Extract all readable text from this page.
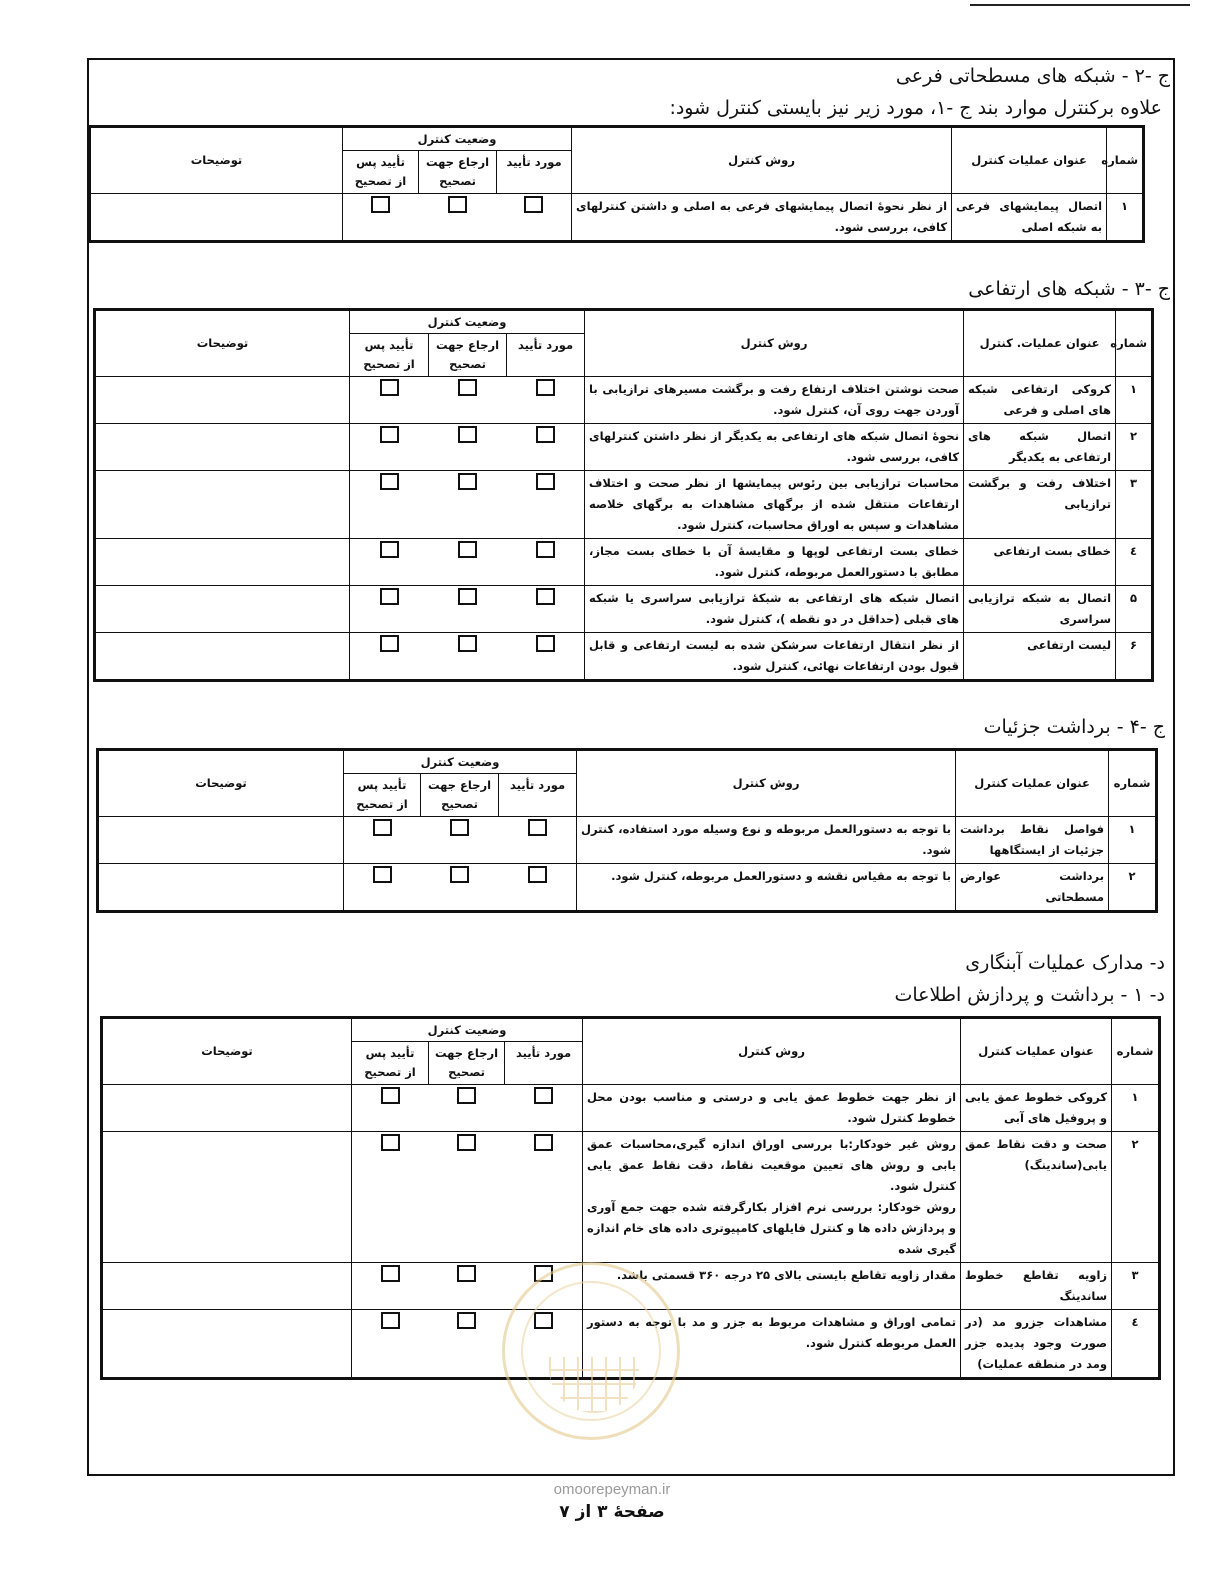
ج -۲ - شبکه های مسطحاتی فرعی
علاوه برکنترل موارد بند ج -۱، مورد زیر نیز بایستی کنترل شود:
شماره	عنوان عملیات کنترل	روش کنترل	وضعیت کنترل			توضیحات
			مورد تأیید	ارجاع جهت
تصحیح	تأیید پس
از تصحیح	
۱	اتصال پیمایشهای فرعی به شبکه اصلی	از نظر نحوهٔ اتصال پیمایشهای فرعی به اصلی و داشتن کنترلهای کافی، بررسی شود.				

ج -۳ - شبکه های ارتفاعی
شماره	عنوان عملیات. کنترل	روش کنترل	وضعیت کنترل			توضیحات
			مورد تأیید	ارجاع جهت
تصحیح	تأیید پس
از تصحیح	
۱	کروکی ارتفاعی شبکه های اصلی و فرعی	صحت نوشتن اختلاف ارتفاع رفت و برگشت مسیرهای ترازیابی با آوردن جهت روی آن، کنترل شود.				

۲	اتصال شبکه های ارتفاعی به یکدیگر	نحوهٔ اتصال شبکه های ارتفاعی به یکدیگر از نظر داشتن کنترلهای کافی، بررسی شود.				

۳	اختلاف رفت و برگشت ترازیابی	محاسبات ترازیابی بین رئوس پیمایشها از نظر صحت و اختلاف ارتفاعات منتقل شده از برگهای مشاهدات به برگهای خلاصه مشاهدات و سپس به اوراق محاسبات، کنترل شود.				

٤	خطای بست ارتفاعی	خطای بست ارتفاعی لوپها و مقایسهٔ آن با خطای بست مجاز، مطابق با دستورالعمل مربوطه، کنترل شود.				

۵	اتصال به شبکه ترازیابی سراسری	اتصال شبکه های ارتفاعی به شبکهٔ ترازیابی سراسری یا شبکه های قبلی (حداقل در دو نقطه )، کنترل شود.				

۶	لیست ارتفاعی	از نظر انتقال ارتفاعات سرشکن شده به لیست ارتفاعی و قابل قبول بودن ارتفاعات نهائی، کنترل شود.				

ج -۴ - برداشت جزئیات
شماره	عنوان عملیات کنترل	روش کنترل	وضعیت کنترل			توضیحات
			مورد تأیید	ارجاع جهت
تصحیح	تأیید پس
از تصحیح	
۱	فواصل نقاط برداشت جزئیات از ایستگاهها	با توجه به دستورالعمل مربوطه و نوع وسیله مورد استفاده، کنترل شود.				

۲	برداشت عوارض مسطحاتی	با توجه به مقیاس نقشه و دستورالعمل مربوطه، کنترل شود.				

د- مدارک عملیات آبنگاری
د- ۱ - برداشت و پردازش اطلاعات
شماره	عنوان عملیات کنترل	روش کنترل	وضعیت کنترل			توضیحات
			مورد تأیید	ارجاع جهت
تصحیح	تأیید پس
از تصحیح	
۱	کروکی خطوط عمق یابی و پروفیل های آبی	از نظر جهت خطوط عمق یابی و درستی و مناسب بودن محل خطوط کنترل شود.				

۲	صحت و دقت نقاط عمق یابی(ساندینگ)	روش غیر خودکار:با بررسی اوراق اندازه گیری،محاسبات عمق یابی و روش های تعیین موقعیت نقاط، دقت نقاط عمق یابی کنترل شود.
روش خودکار: بررسی نرم افزار بکارگرفته شده جهت جمع آوری و پردازش داده ها و کنترل فایلهای کامپیوتری داده های خام اندازه گیری شده				

۳	زاویه تقاطع خطوط ساندینگ	مقدار زاویه تقاطع بایستی بالای ۲۵ درجه ۳۶۰ قسمتی باشد.				

٤	مشاهدات جزرو مد (در صورت وجود پدیده جزر ومد در منطقه عملیات)	تمامی اوراق و مشاهدات مربوط به جزر و مد با توجه به دستور العمل مربوطه کنترل شود.				

omoorepeyman.ir
صفحهٔ ۳ از ۷
